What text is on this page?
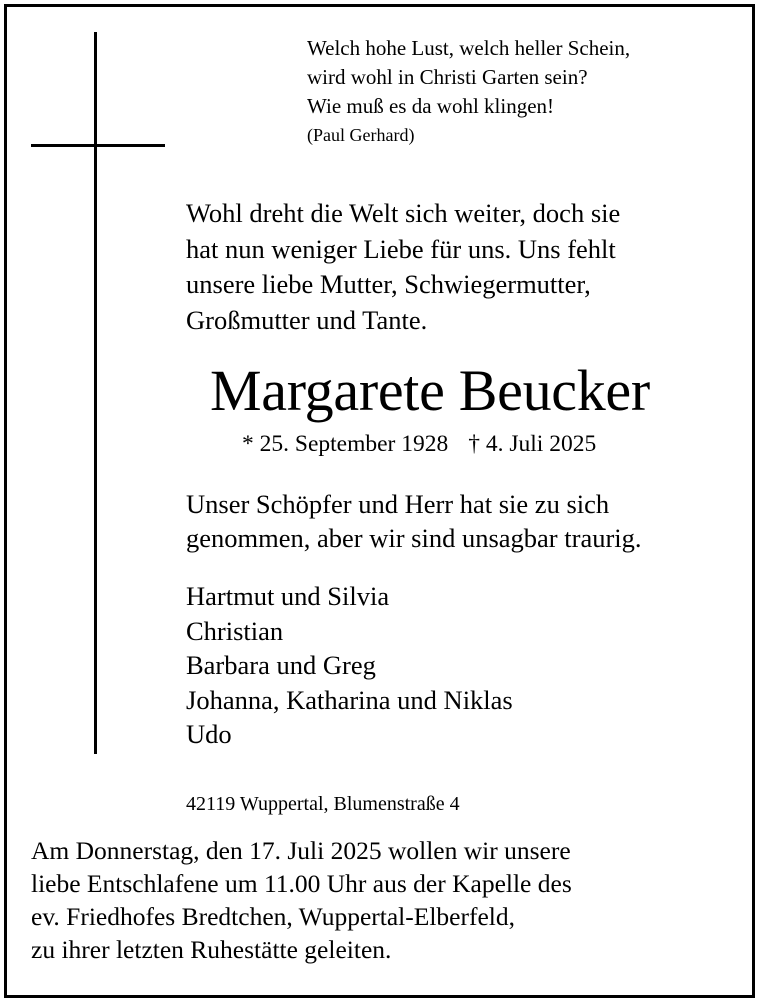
Welch hohe Lust, welch heller Schein,
wird wohl in Christi Garten sein?
Wie muß es da wohl klingen!
(Paul Gerhard)
Wohl dreht die Welt sich weiter, doch sie
hat nun weniger Liebe für uns. Uns fehlt
unsere liebe Mutter, Schwiegermutter,
Großmutter und Tante.
Margarete Beucker
* 25. September 1928 † 4. Juli 2025
Unser Schöpfer und Herr hat sie zu sich
genommen, aber wir sind unsagbar traurig.
Hartmut und Silvia
Christian
Barbara und Greg
Johanna, Katharina und Niklas
Udo
42119 Wuppertal, Blumenstraße 4
Am Donnerstag, den 17. Juli 2025 wollen wir unsere
liebe Entschlafene um 11.00 Uhr aus der Kapelle des
ev. Friedhofes Bredtchen, Wuppertal-Elberfeld,
zu ihrer letzten Ruhestätte geleiten.
